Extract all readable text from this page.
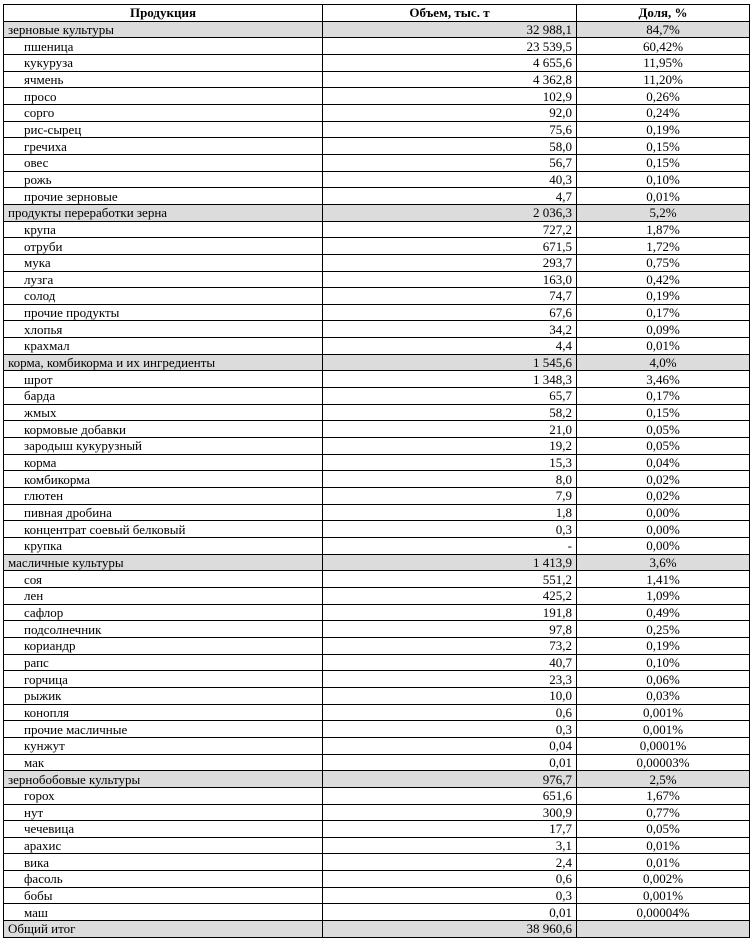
Продукция	Объем, тыс. т	Доля, %
зерновые культуры	32 988,1	84,7%
пшеница	23 539,5	60,42%
кукуруза	4 655,6	11,95%
ячмень	4 362,8	11,20%
просо	102,9	0,26%
сорго	92,0	0,24%
рис-сырец	75,6	0,19%
гречиха	58,0	0,15%
овес	56,7	0,15%
рожь	40,3	0,10%
прочие зерновые	4,7	0,01%
продукты переработки зерна	2 036,3	5,2%
крупа	727,2	1,87%
отруби	671,5	1,72%
мука	293,7	0,75%
лузга	163,0	0,42%
солод	74,7	0,19%
прочие продукты	67,6	0,17%
хлопья	34,2	0,09%
крахмал	4,4	0,01%
корма, комбикорма и их ингредиенты	1 545,6	4,0%
шрот	1 348,3	3,46%
барда	65,7	0,17%
жмых	58,2	0,15%
кормовые добавки	21,0	0,05%
зародыш кукурузный	19,2	0,05%
корма	15,3	0,04%
комбикорма	8,0	0,02%
глютен	7,9	0,02%
пивная дробина	1,8	0,00%
концентрат соевый белковый	0,3	0,00%
крупка	-	0,00%
масличные культуры	1 413,9	3,6%
соя	551,2	1,41%
лен	425,2	1,09%
сафлор	191,8	0,49%
подсолнечник	97,8	0,25%
кориандр	73,2	0,19%
рапс	40,7	0,10%
горчица	23,3	0,06%
рыжик	10,0	0,03%
конопля	0,6	0,001%
прочие масличные	0,3	0,001%
кунжут	0,04	0,0001%
мак	0,01	0,00003%
зернобобовые культуры	976,7	2,5%
горох	651,6	1,67%
нут	300,9	0,77%
чечевица	17,7	0,05%
арахис	3,1	0,01%
вика	2,4	0,01%
фасоль	0,6	0,002%
бобы	0,3	0,001%
маш	0,01	0,00004%
Общий итог	38 960,6	
